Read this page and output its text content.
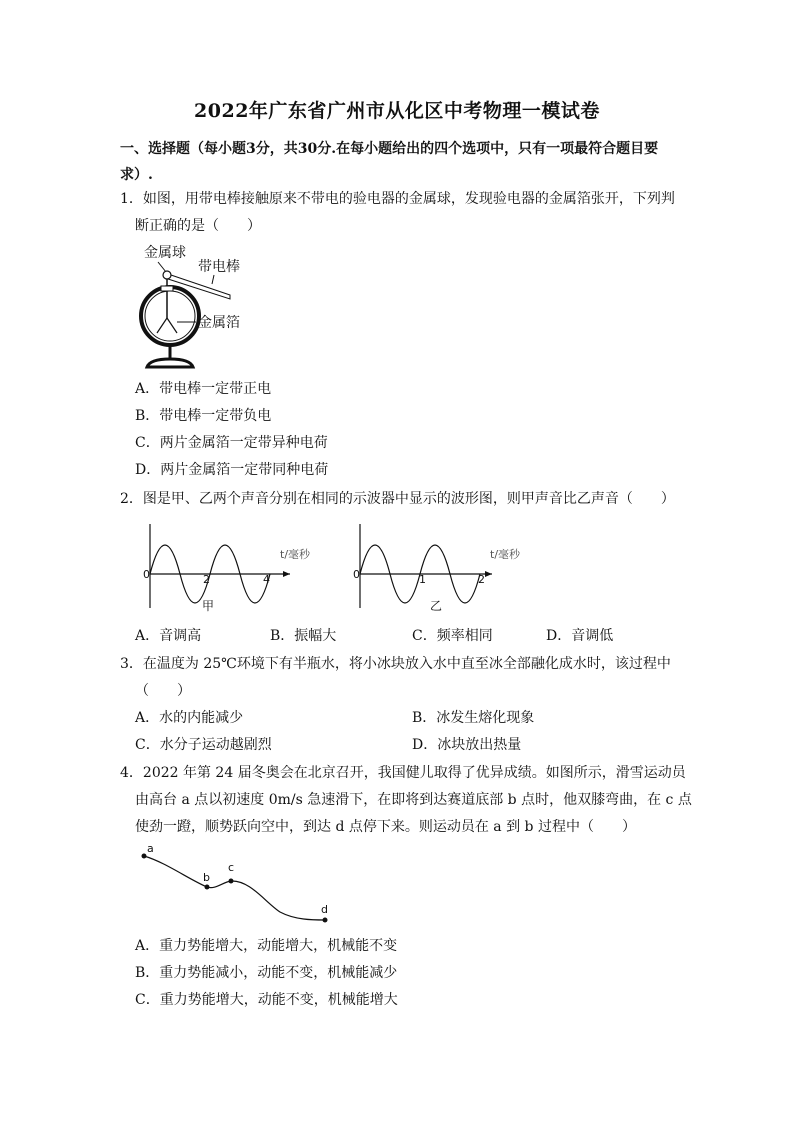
2022年广东省广州市从化区中考物理一模试卷
一、选择题（每小题3分，共30分.在每小题给出的四个选项中，只有一项最符合题目要求）.
1．如图，用带电棒接触原来不带电的验电器的金属球，发现验电器的金属箔张开，下列判
断正确的是（　　）
金属球
带电棒
金属箔
A．带电棒一定带正电
B．带电棒一定带负电
C．两片金属箔一定带异种电荷
D．两片金属箔一定带同种电荷
2．图是甲、乙两个声音分别在相同的示波器中显示的波形图，则甲声音比乙声音（　　）
0	2	4
t/毫秒
甲
0	1	2
t/毫秒
乙
A．音调高	B．振幅大	C．频率相同	D．音调低
3．在温度为 25℃环境下有半瓶水，将小冰块放入水中直至冰全部融化成水时，该过程中
（　　）
A．水的内能减少	B．冰发生熔化现象
C．水分子运动越剧烈	D．冰块放出热量
4．2022 年第 24 届冬奥会在北京召开，我国健儿取得了优异成绩。如图所示，滑雪运动员
由高台 a 点以初速度 0m/s 急速滑下，在即将到达赛道底部 b 点时，他双膝弯曲，在 c 点
使劲一蹬，顺势跃向空中，到达 d 点停下来。则运动员在 a 到 b 过程中（　　）
a
b
c
d
A．重力势能增大，动能增大，机械能不变
B．重力势能减小，动能不变，机械能减少
C．重力势能增大，动能不变，机械能增大
